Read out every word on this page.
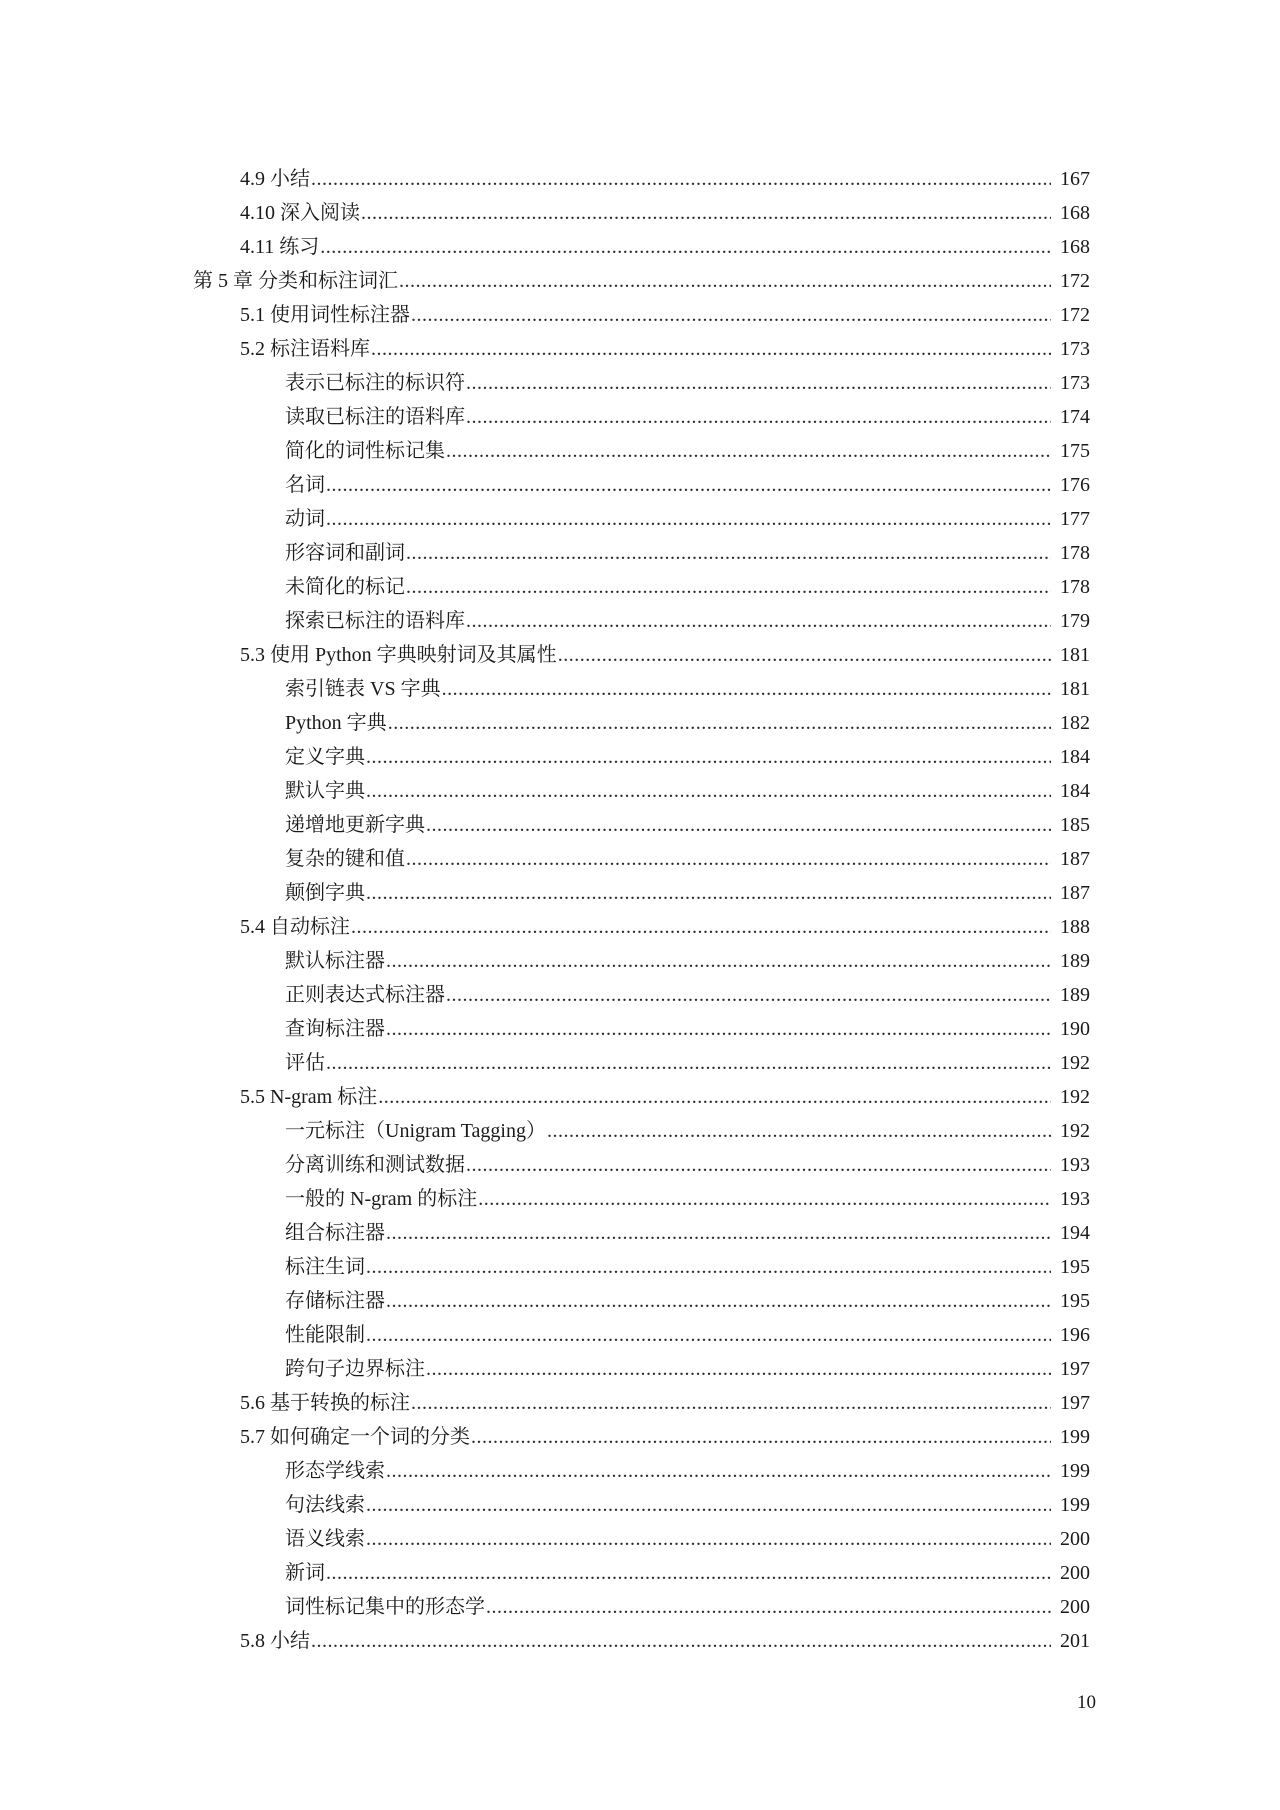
4.9 小结 .....	167
4.10 深入阅读 .....	168
4.11 练习 .....	168
第 5 章 分类和标注词汇 .....	172
5.1 使用词性标注器 .....	172
5.2 标注语料库 .....	173
表示已标注的标识符 .....	173
读取已标注的语料库 .....	174
简化的词性标记集 .....	175
名词 .....	176
动词 .....	177
形容词和副词 .....	178
未简化的标记 .....	178
探索已标注的语料库 .....	179
5.3 使用 Python 字典映射词及其属性 .....	181
索引链表 VS 字典 .....	181
Python 字典 .....	182
定义字典 .....	184
默认字典 .....	184
递增地更新字典 .....	185
复杂的键和值 .....	187
颠倒字典 .....	187
5.4 自动标注 .....	188
默认标注器 .....	189
正则表达式标注器 .....	189
查询标注器 .....	190
评估 .....	192
5.5 N-gram 标注 .....	192
一元标注（Unigram Tagging） .....	192
分离训练和测试数据 .....	193
一般的 N-gram 的标注 .....	193
组合标注器 .....	194
标注生词 .....	195
存储标注器 .....	195
性能限制 .....	196
跨句子边界标注 .....	197
5.6 基于转换的标注 .....	197
5.7 如何确定一个词的分类 .....	199
形态学线索 .....	199
句法线索 .....	199
语义线索 .....	200
新词 .....	200
词性标记集中的形态学 .....	200
5.8 小结 .....	201
10
